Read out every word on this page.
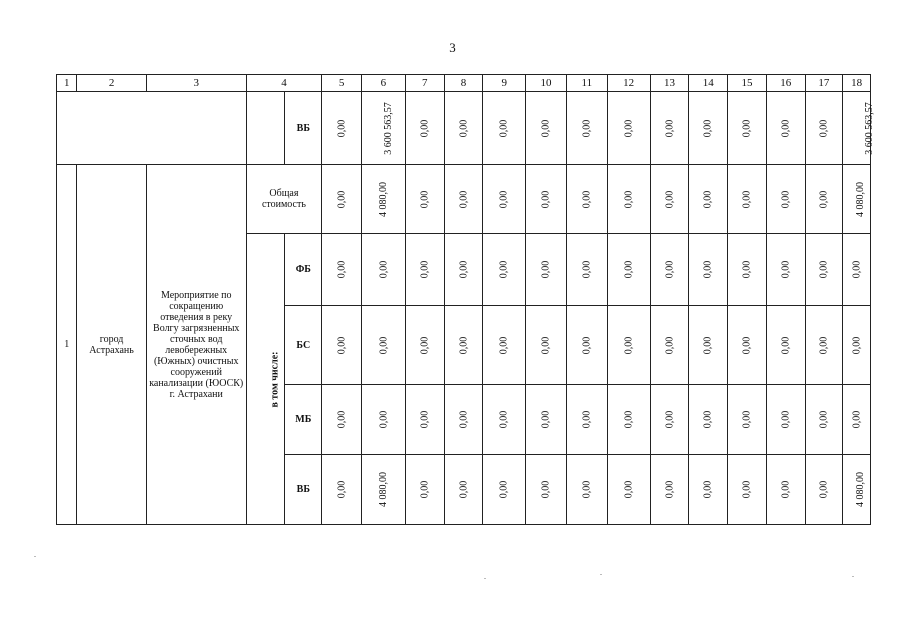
3
1	2	3	4		5	6	7	8	9	10	11	12	13	14	15	16	17	18
				ВБ	0,00	3 600 563,57	0,00	0,00	0,00	0,00	0,00	0,00	0,00	0,00	0,00	0,00	0,00	3 600 563,57
1	город Астрахань	Мероприятие по сокращению отведения в реку Волгу загрязненных сточных вод левобережных (Южных) очистных сооружений канализации (ЮОСК) г. Астрахани	Общая стоимость		0,00	4 080,00	0,00	0,00	0,00	0,00	0,00	0,00	0,00	0,00	0,00	0,00	0,00	4 080,00
			в том числе:	ФБ	0,00	0,00	0,00	0,00	0,00	0,00	0,00	0,00	0,00	0,00	0,00	0,00	0,00	0,00
				БС	0,00	0,00	0,00	0,00	0,00	0,00	0,00	0,00	0,00	0,00	0,00	0,00	0,00	0,00
				МБ	0,00	0,00	0,00	0,00	0,00	0,00	0,00	0,00	0,00	0,00	0,00	0,00	0,00	0,00
				ВБ	0,00	4 080,00	0,00	0,00	0,00	0,00	0,00	0,00	0,00	0,00	0,00	0,00	0,00	4 080,00
